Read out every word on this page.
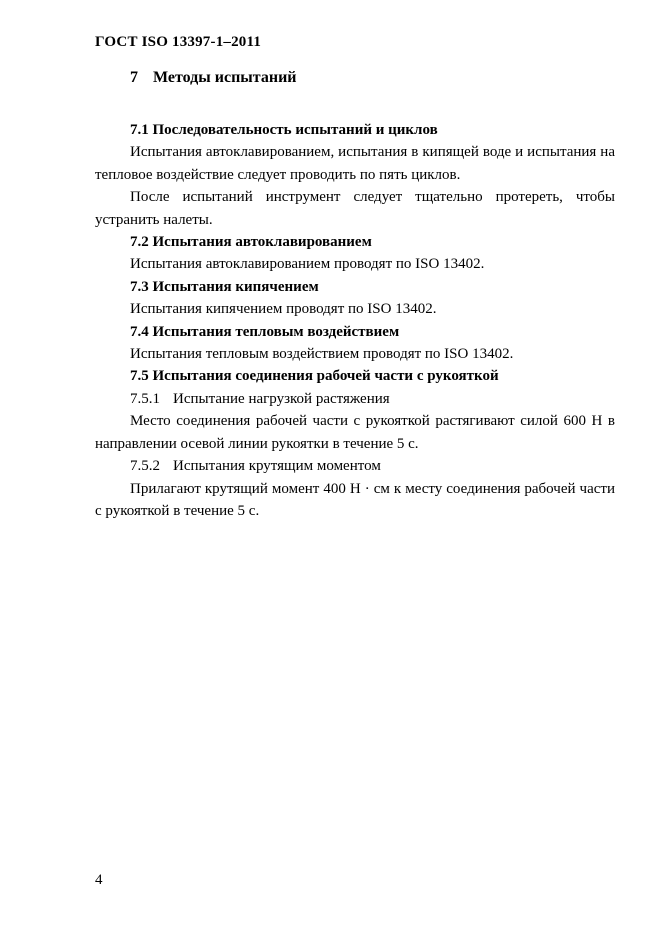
ГОСТ ISO 13397-1–2011
7 Методы испытаний

7.1 Последовательность испытаний и циклов

Испытания автоклавированием, испытания в кипящей воде и испытания на тепловое воздействие следует проводить по пять циклов.

После испытаний инструмент следует тщательно протереть, чтобы устранить налеты.

7.2 Испытания автоклавированием

Испытания автоклавированием проводят по ISO 13402.

7.3 Испытания кипячением

Испытания кипячением проводят по ISO 13402.

7.4 Испытания тепловым воздействием

Испытания тепловым воздействием проводят по ISO 13402.

7.5 Испытания соединения рабочей части с рукояткой

7.5.1 Испытание нагрузкой растяжения

Место соединения рабочей части с рукояткой растягивают силой 600 Н в направлении осевой линии рукоятки в течение 5 с.

7.5.2 Испытания крутящим моментом

Прилагают крутящий момент 400 Н · см к месту соединения рабочей части с рукояткой в течение 5 с.

4
